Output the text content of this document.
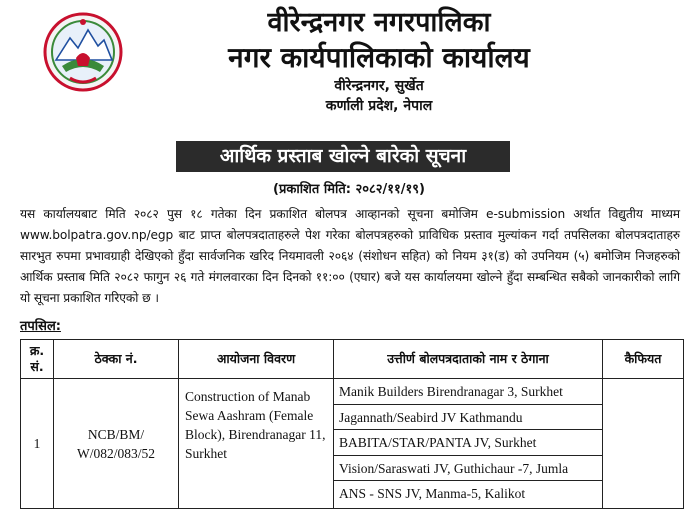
वीरेन्द्रनगर नगरपालिका
नगर कार्यपालिकाको कार्यालय
वीरेन्द्रनगर, सुर्खेत
कर्णाली प्रदेश, नेपाल
आर्थिक प्रस्ताब खोल्ने बारेको सूचना
(प्रकाशित मिति: २०८२/११/१९)
यस कार्यालयबाट मिति २०८२ पुस १८ गतेका दिन प्रकाशित बोलपत्र आव्हानको सूचना बमोजिम e-submission अर्थात विद्युतीय माध्यम www.bolpatra.gov.np/egp बाट प्राप्त बोलपत्रदाताहरुले पेश गरेका बोलपत्रहरुको प्राविधिक प्रस्ताव मुल्यांकन गर्दा तपसिलका बोलपत्रदाताहरु सारभुत रुपमा प्रभावग्राही देखिएको हुँदा सार्वजनिक खरिद नियमावली २०६४ (संशोधन सहित) को नियम ३१(ड) को उपनियम (५) बमोजिम निजहरुको आर्थिक प्रस्ताब मिति २०८२ फागुन २६ गते मंगलवारका दिन दिनको ११:०० (एघार) बजे यस कार्यालयमा खोल्ने हुँदा सम्बन्धित सबैको जानकारीको लागि यो सूचना प्रकाशित गरिएको छ ।
तपसिल:
क्र. सं.	ठेक्का नं.	आयोजना विवरण	उत्तीर्ण बोलपत्रदाताको नाम र ठेगाना	कैफियत
1	NCB/BM/ W/082/083/52	Construction of Manab Sewa Aashram (Female Block), Birendranagar 11, Surkhet	Manik Builders Birendranagar 3, Surkhet
Jagannath/Seabird JV Kathmandu
BABITA/STAR/PANTA JV, Surkhet
Vision/Saraswati JV, Guthichaur -7, Jumla
ANS - SNS JV, Manma-5, Kalikot	
